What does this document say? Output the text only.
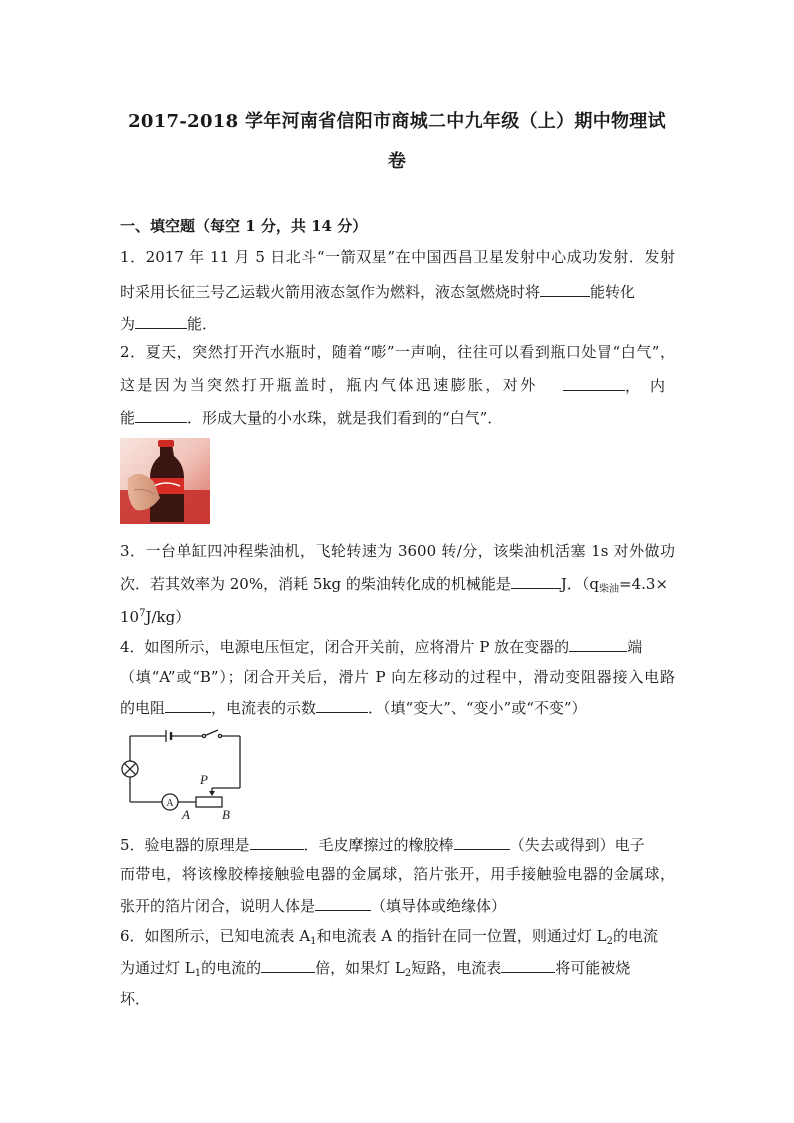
2017-2018 学年河南省信阳市商城二中九年级（上）期中物理试
卷
一、填空题（每空 1 分，共 14 分）
1．2017 年 11 月 5 日北斗“一箭双星”在中国西昌卫星发射中心成功发射．发射
时采用长征三号乙运载火箭用液态氢作为燃料，液态氢燃烧时将	能转化
为	能．
2．夏天，突然打开汽水瓶时，随着“嘭”一声响，往往可以看到瓶口处冒“白气”，
这是因为当突然打开瓶盖时，瓶内气体迅速膨胀，对外	，内
能	．形成大量的小水珠，就是我们看到的“白气”．
3．一台单缸四冲程柴油机，飞轮转速为 3600 转/分，该柴油机活塞 1s 对外做功
次．若其效率为 20%，消耗 5kg 的柴油转化成的机械能是	J．（$q_{柴油}=4.3\times$
$10^7J/kg$）
4．如图所示，电源电压恒定，闭合开关前，应将滑片 P 放在变器的	端
（填“A”或“B”）；闭合开关后，滑片 P 向左移动的过程中，滑动变阻器接入电路
的电阻	，电流表的示数	．（填“变大”、“变小”或“不变”）
A
P
A B
5．验电器的原理是	．毛皮摩擦过的橡胶棒	（失去或得到）电子
而带电，将该橡胶棒接触验电器的金属球，箔片张开，用手接触验电器的金属球，
张开的箔片闭合，说明人体是	（填导体或绝缘体）
6．如图所示，已知电流表 $A_1$和电流表 A 的指针在同一位置，则通过灯 $L_2$的电流
为通过灯 $L_1$的电流的	倍，如果灯 $L_2$短路，电流表	将可能被烧
坏．
